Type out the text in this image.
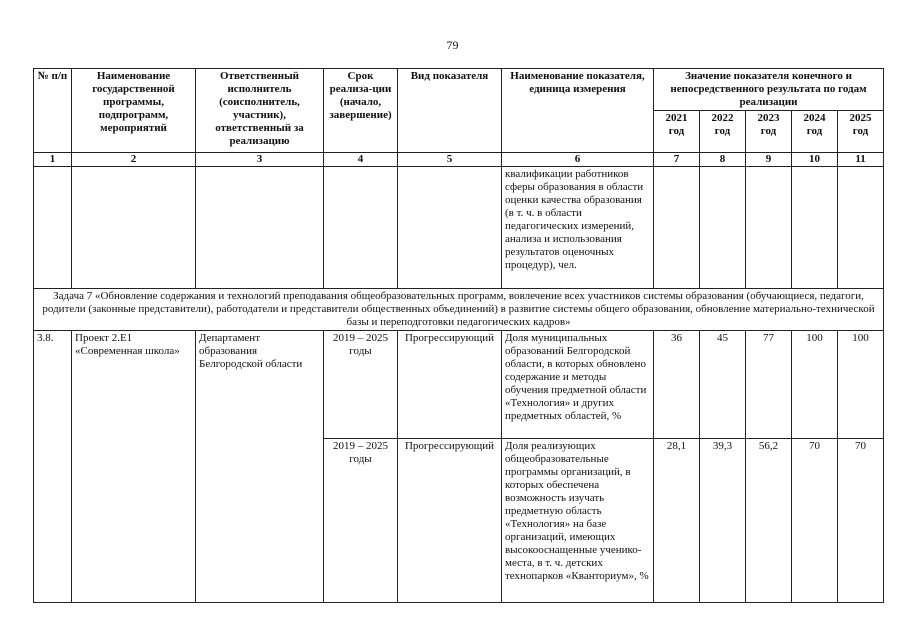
79
№ п/п	Наименование государственной программы, подпрограмм, мероприятий	Ответственный исполнитель (соисполнитель, участник), ответственный за реализацию	Срок реализа-ции (начало, завершение)	Вид показателя	Наименование показателя, единица измерения	Значение показателя конечного и непосредственного результата по годам реализации				
						2021 год	2022 год	2023 год	2024 год	2025 год
1	2	3	4	5	6	7	8	9	10	11
					квалификации работников сферы образования в области оценки качества образования (в т. ч. в области педагогических измерений, анализа и использования результатов оценочных процедур), чел.					
Задача 7 «Обновление содержания и технологий преподавания общеобразовательных программ, вовлечение всех участников системы образования (обучающиеся, педагоги, родители (законные представители), работодатели и представители общественных объединений) в развитие системы общего образования, обновление материально-технической базы и переподготовки педагогических кадров»										
3.8.	Проект 2.Е1 «Современная школа»	Департамент образования Белгородской области	2019 – 2025 годы	Прогрессирующий	Доля муниципальных образований Белгородской области, в которых обновлено содержание и методы обучения предметной области «Технология» и других предметных областей, %	36	45	77	100	100
			2019 – 2025 годы	Прогрессирующий	Доля реализующих общеобразовательные программы организаций, в которых обеспечена возможность изучать предметную область «Технология» на базе организаций, имеющих высокооснащенные ученико-места, в т. ч. детских технопарков «Кванториум», %	28,1	39,3	56,2	70	70
